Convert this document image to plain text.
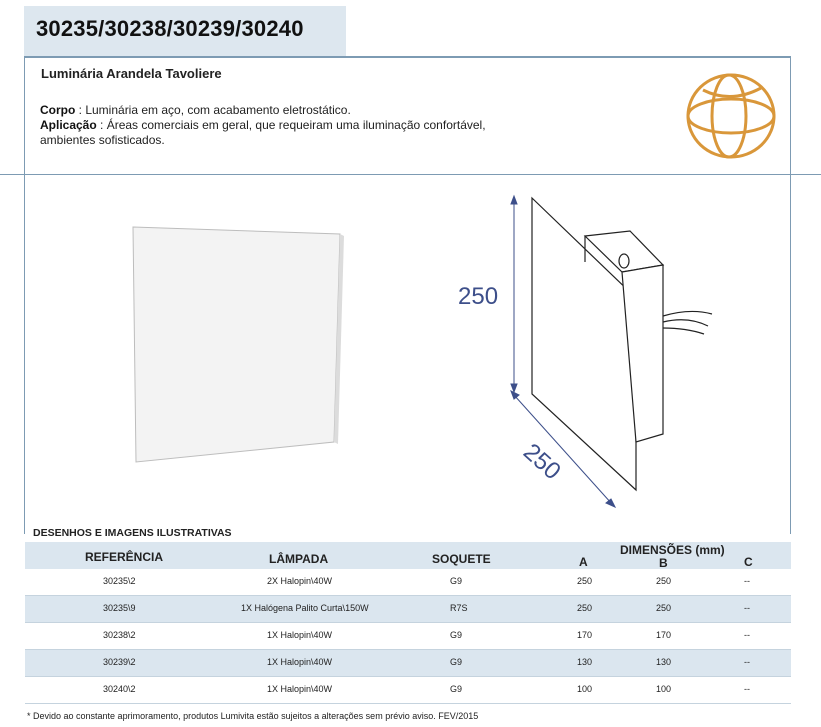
30235/30238/30239/30240
Luminária Arandela Tavoliere
Corpo : Luminária em aço, com acabamento eletrostático.
Aplicação : Áreas comerciais em geral, que requeiram uma iluminação confortável,
ambientes sofisticados.
250
250
DESENHOS E IMAGENS ILUSTRATIVAS
REFERÊNCIA	LÂMPADA	SOQUETE
DIMENSÕES (mm)
A	B	C
30235\2	2X Halopin\40W	G9	250	250	--
30235\9	1X Halógena Palito Curta\150W	R7S	250	250	--
30238\2	1X Halopin\40W	G9	170	170	--
30239\2	1X Halopin\40W	G9	130	130	--
30240\2	1X Halopin\40W	G9	100	100	--
* Devido ao constante aprimoramento, produtos Lumivita estão sujeitos a alterações sem prévio aviso. FEV/2015
